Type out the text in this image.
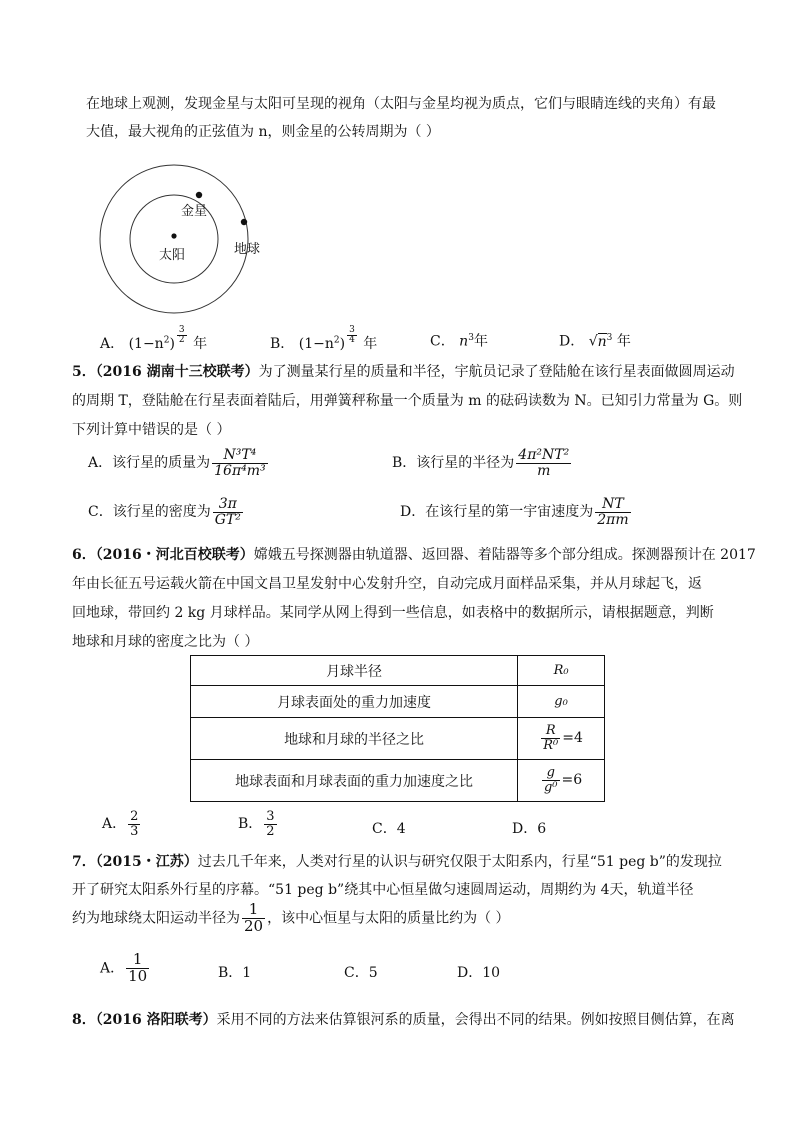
在地球上观测，发现金星与太阳可呈现的视角（太阳与金星均视为质点，它们与眼睛连线的夹角）有最
大值，最大视角的正弦值为 n，则金星的公转周期为（ ）
金星
太阳	地球
A． $(1-n^2) \frac{3}{2}$ 年	B． $(1-n^2) \frac{3}{4}$ 年	C． $n^3$年	D． $√n^3$ 年
5．（2016 湖南十三校联考）为了测量某行星的质量和半径，宇航员记录了登陆舱在该行星表面做圆周运动
的周期 T，登陆舱在行星表面着陆后，用弹簧秤称量一个质量为 m 的砝码读数为 N。已知引力常量为 G。则
下列计算中错误的是（ ）
A．该行星的质量为 $\frac{\text{N³T⁴}}{\text{16π⁴m³}}$	B．该行星的半径为 $\frac{\text{4π²NT²}}{m}$
C．该行星的密度为 $\frac{3\pi}{\text{GT²}}$	D．在该行星的第一宇宙速度为 $\frac{NT}{2\pi m}$
6．（2016・河北百校联考）嫦娥五号探测器由轨道器、返回器、着陆器等多个部分组成。探测器预计在 2017
年由长征五号运载火箭在中国文昌卫星发射中心发射升空，自动完成月面样品采集，并从月球起飞，返
回地球，带回约 2 kg 月球样品。某同学从网上得到一些信息，如表格中的数据所示，请根据题意，判断
地球和月球的密度之比为（ ）
月球半径	R₀
月球表面处的重力加速度	g₀
地球和月球的半径之比	$\frac{R}{\text{R⁰}} =4$
地球表面和月球表面的重力加速度之比	$\frac{g}{\text{g⁰}} =6$
A． $\frac{2}{3}$	B． $\frac{3}{2}$	C．4	D．6
7．（2015・江苏）过去几千年来，人类对行星的认识与研究仅限于太阳系内，行星“51 peg b”的发现拉
开了研究太阳系外行星的序幕。“51 peg b”绕其中心恒星做匀速圆周运动，周期约为 4天，轨道半径
约为地球绕太阳运动半径为 $\frac{1}{20}$ ，该中心恒星与太阳的质量比约为（ ）
A． $\frac{1}{10}$	B．1	C．5	D．10
8．（2016 洛阳联考）采用不同的方法来估算银河系的质量，会得出不同的结果。例如按照目侧估算，在离
